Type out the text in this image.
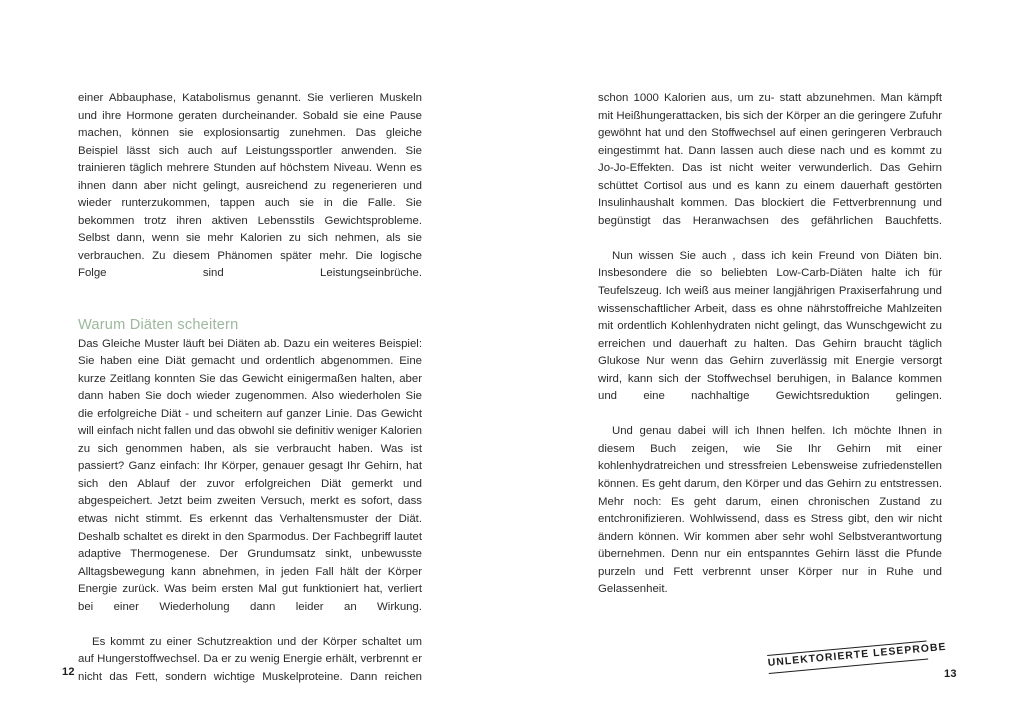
einer Abbauphase, Katabolismus genannt. Sie verlieren Muskeln und ihre Hormone geraten durcheinander. Sobald sie eine Pause machen, können sie explosionsartig zunehmen. Das gleiche Beispiel lässt sich auch auf Leistungssportler anwenden. Sie trainieren täglich mehrere Stunden auf höchstem Niveau. Wenn es ihnen dann aber nicht gelingt, ausreichend zu regenerieren und wieder runterzukommen, tappen auch sie in die Falle. Sie bekommen trotz ihren aktiven Lebensstils Gewichtsprobleme. Selbst dann, wenn sie mehr Kalorien zu sich nehmen, als sie verbrauchen. Zu diesem Phänomen später mehr. Die logische Folge sind Leistungseinbrüche.

Warum Diäten scheitern

Das Gleiche Muster läuft bei Diäten ab. Dazu ein weiteres Beispiel: Sie haben eine Diät gemacht und ordentlich abgenommen. Eine kurze Zeitlang konnten Sie das Gewicht einigermaßen halten, aber dann haben Sie doch wieder zugenommen. Also wiederholen Sie die erfolgreiche Diät - und scheitern auf ganzer Linie. Das Gewicht will einfach nicht fallen und das obwohl sie definitiv weniger Kalorien zu sich genommen haben, als sie verbraucht haben. Was ist passiert? Ganz einfach: Ihr Körper, genauer gesagt Ihr Gehirn, hat sich den Ablauf der zuvor erfolgreichen Diät gemerkt und abgespeichert. Jetzt beim zweiten Versuch, merkt es sofort, dass etwas nicht stimmt. Es erkennt das Verhaltensmuster der Diät. Deshalb schaltet es direkt in den Sparmodus. Der Fachbegriff lautet adaptive Thermogenese. Der Grundumsatz sinkt, unbewusste Alltagsbewegung kann abnehmen, in jeden Fall hält der Körper Energie zurück. Was beim ersten Mal gut funktioniert hat, verliert bei einer Wiederholung dann leider an Wirkung.

Es kommt zu einer Schutzreaktion und der Körper schaltet um auf Hungerstoffwechsel. Da er zu wenig Energie erhält, verbrennt er nicht das Fett, sondern wichtige Muskelproteine. Dann reichen

12

schon 1000 Kalorien aus, um zu- statt abzunehmen. Man kämpft mit Heißhungerattacken, bis sich der Körper an die geringere Zufuhr gewöhnt hat und den Stoffwechsel auf einen geringeren Verbrauch eingestimmt hat. Dann lassen auch diese nach und es kommt zu Jo-Jo-Effekten. Das ist nicht weiter verwunderlich. Das Gehirn schüttet Cortisol aus und es kann zu einem dauerhaft gestörten Insulinhaushalt kommen. Das blockiert die Fettverbrennung und begünstigt das Heranwachsen des gefährlichen Bauchfetts.

Nun wissen Sie auch , dass ich kein Freund von Diäten bin. Insbesondere die so beliebten Low-Carb-Diäten halte ich für Teufelszeug. Ich weiß aus meiner langjährigen Praxiserfahrung und wissenschaftlicher Arbeit, dass es ohne nährstoffreiche Mahlzeiten mit ordentlich Kohlenhydraten nicht gelingt, das Wunschgewicht zu erreichen und dauerhaft zu halten. Das Gehirn braucht täglich Glukose Nur wenn das Gehirn zuverlässig mit Energie versorgt wird, kann sich der Stoffwechsel beruhigen, in Balance kommen und eine nachhaltige Gewichtsreduktion gelingen.

Und genau dabei will ich Ihnen helfen. Ich möchte Ihnen in diesem Buch zeigen, wie Sie Ihr Gehirn mit einer kohlenhydratreichen und stressfreien Lebensweise zufriedenstellen können. Es geht darum, den Körper und das Gehirn zu entstressen. Mehr noch: Es geht darum, einen chronischen Zustand zu entchronifizieren. Wohlwissend, dass es Stress gibt, den wir nicht ändern können. Wir kommen aber sehr wohl Selbstverantwortung übernehmen. Denn nur ein entspanntes Gehirn lässt die Pfunde purzeln und Fett verbrennt unser Körper nur in Ruhe und Gelassenheit.

UNLEKTORIERTE LESEPROBE
13
